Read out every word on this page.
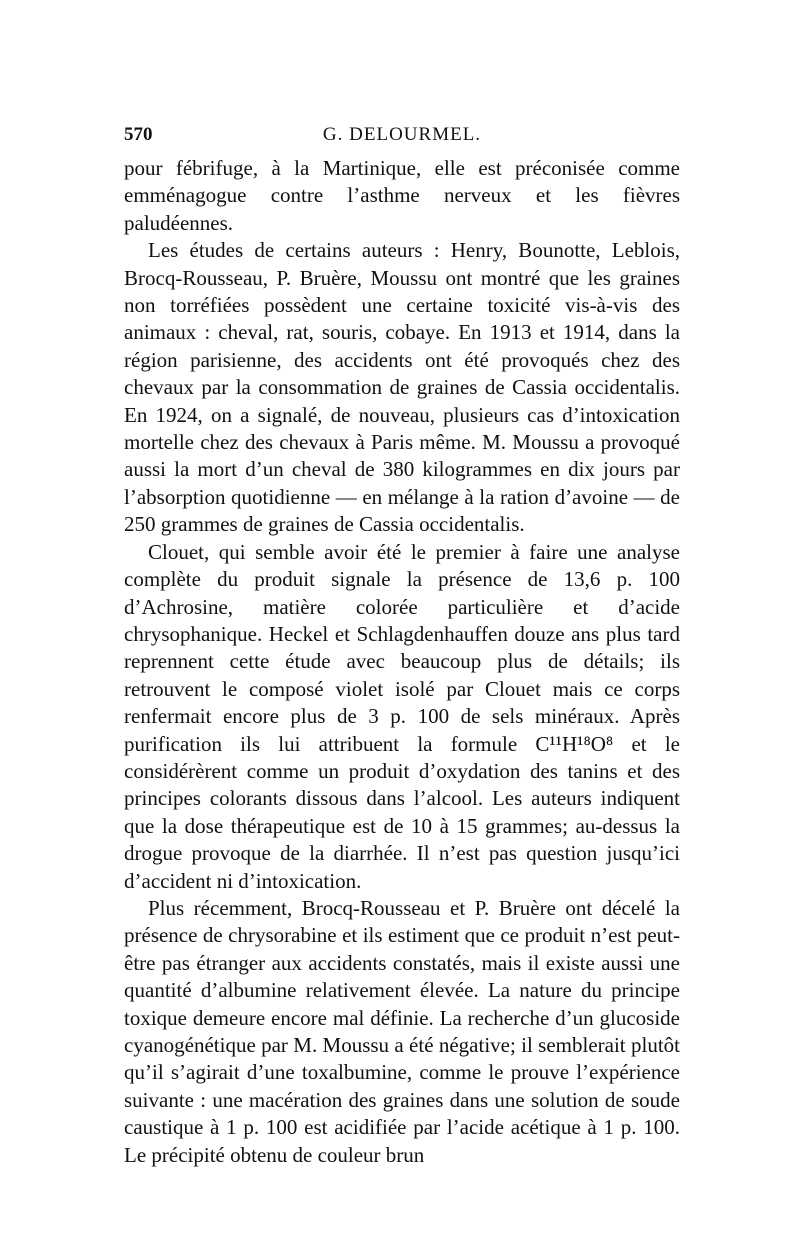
570	G. DELOURMEL.

pour fébrifuge, à la Martinique, elle est préconisée comme emménagogue contre l’asthme nerveux et les fièvres paludéennes.

Les études de certains auteurs : Henry, Bounotte, Leblois, Brocq-Rousseau, P. Bruère, Moussu ont montré que les graines non torréfiées possèdent une certaine toxicité vis-à-vis des animaux : cheval, rat, souris, cobaye. En 1913 et 1914, dans la région parisienne, des accidents ont été provoqués chez des chevaux par la consommation de graines de Cassia occidentalis. En 1924, on a signalé, de nouveau, plusieurs cas d’intoxication mortelle chez des chevaux à Paris même. M. Moussu a provoqué aussi la mort d’un cheval de 380 kilogrammes en dix jours par l’absorption quotidienne — en mélange à la ration d’avoine — de 250 grammes de graines de Cassia occidentalis.

Clouet, qui semble avoir été le premier à faire une analyse complète du produit signale la présence de 13,6 p. 100 d’Achrosine, matière colorée particulière et d’acide chrysophanique. Heckel et Schlagdenhauffen douze ans plus tard reprennent cette étude avec beaucoup plus de détails; ils retrouvent le composé violet isolé par Clouet mais ce corps renfermait encore plus de 3 p. 100 de sels minéraux. Après purification ils lui attribuent la formule C¹¹H¹⁸O⁸ et le considérèrent comme un produit d’oxydation des tanins et des principes colorants dissous dans l’alcool. Les auteurs indiquent que la dose thérapeutique est de 10 à 15 grammes; au-dessus la drogue provoque de la diarrhée. Il n’est pas question jusqu’ici d’accident ni d’intoxication.

Plus récemment, Brocq-Rousseau et P. Bruère ont décelé la présence de chrysorabine et ils estiment que ce produit n’est peut-être pas étranger aux accidents constatés, mais il existe aussi une quantité d’albumine relativement élevée. La nature du principe toxique demeure encore mal définie. La recherche d’un glucoside cyanogénétique par M. Moussu a été négative; il semblerait plutôt qu’il s’agirait d’une toxalbumine, comme le prouve l’expérience suivante : une macération des graines dans une solution de soude caustique à 1 p. 100 est acidifiée par l’acide acétique à 1 p. 100. Le précipité obtenu de couleur brun
